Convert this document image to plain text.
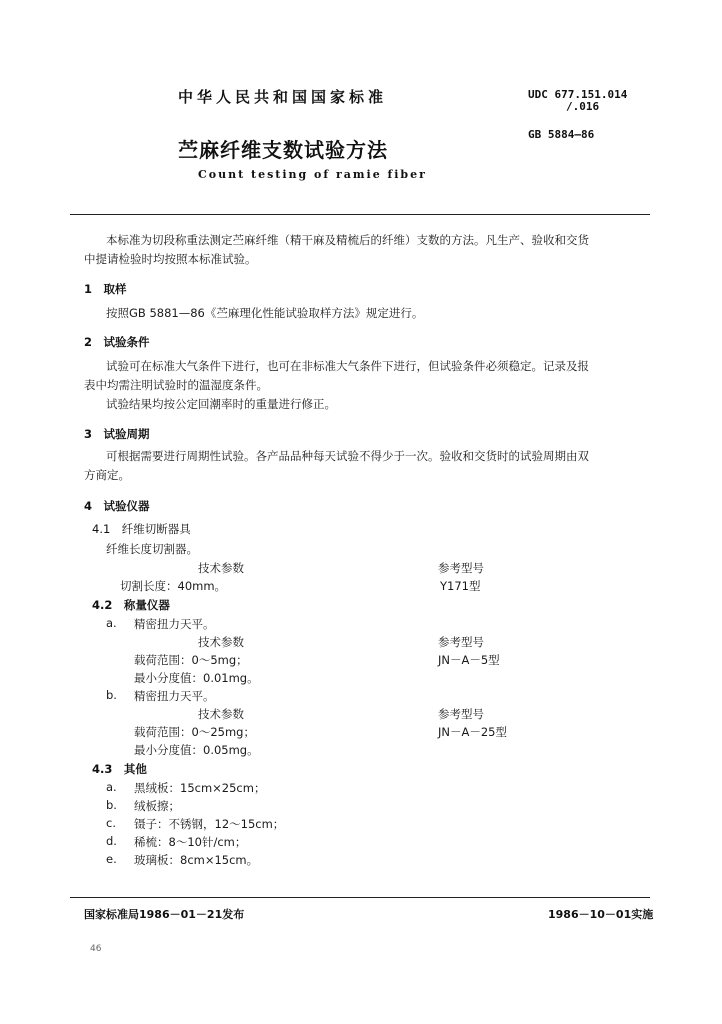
中华人民共和国国家标准	UDC 677.151.014
/.016
GB 5884—86
苎麻纤维支数试验方法
Count testing of ramie fiber
本标准为切段称重法测定苎麻纤维（精干麻及精梳后的纤维）支数的方法。凡生产、验收和交货
中提请检验时均按照本标准试验。
1　取样
按照GB 5881—86《苎麻理化性能试验取样方法》规定进行。
2　试验条件
试验可在标准大气条件下进行，也可在非标准大气条件下进行，但试验条件必须稳定。记录及报
表中均需注明试验时的温湿度条件。
试验结果均按公定回潮率时的重量进行修正。
3　试验周期
可根据需要进行周期性试验。各产品品种每天试验不得少于一次。验收和交货时的试验周期由双
方商定。
4　试验仪器
4.1　纤维切断器具
纤维长度切割器。
技术参数	参考型号
切割长度：40mm。	Y171型
4.2　称量仪器
a. 精密扭力天平。
技术参数	参考型号
载荷范围：0～5mg；	JN－A－5型
最小分度值：0.01mg。
b. 精密扭力天平。
技术参数	参考型号
载荷范围：0～25mg；	JN－A－25型
最小分度值：0.05mg。
4.3　其他
a. 黑绒板：15cm×25cm；
b. 绒板擦；
c. 镊子：不锈钢，12～15cm；
d. 稀梳：8～10针/cm；
e. 玻璃板：8cm×15cm。
国家标准局1986－01－21发布	1986－10－01实施
46
